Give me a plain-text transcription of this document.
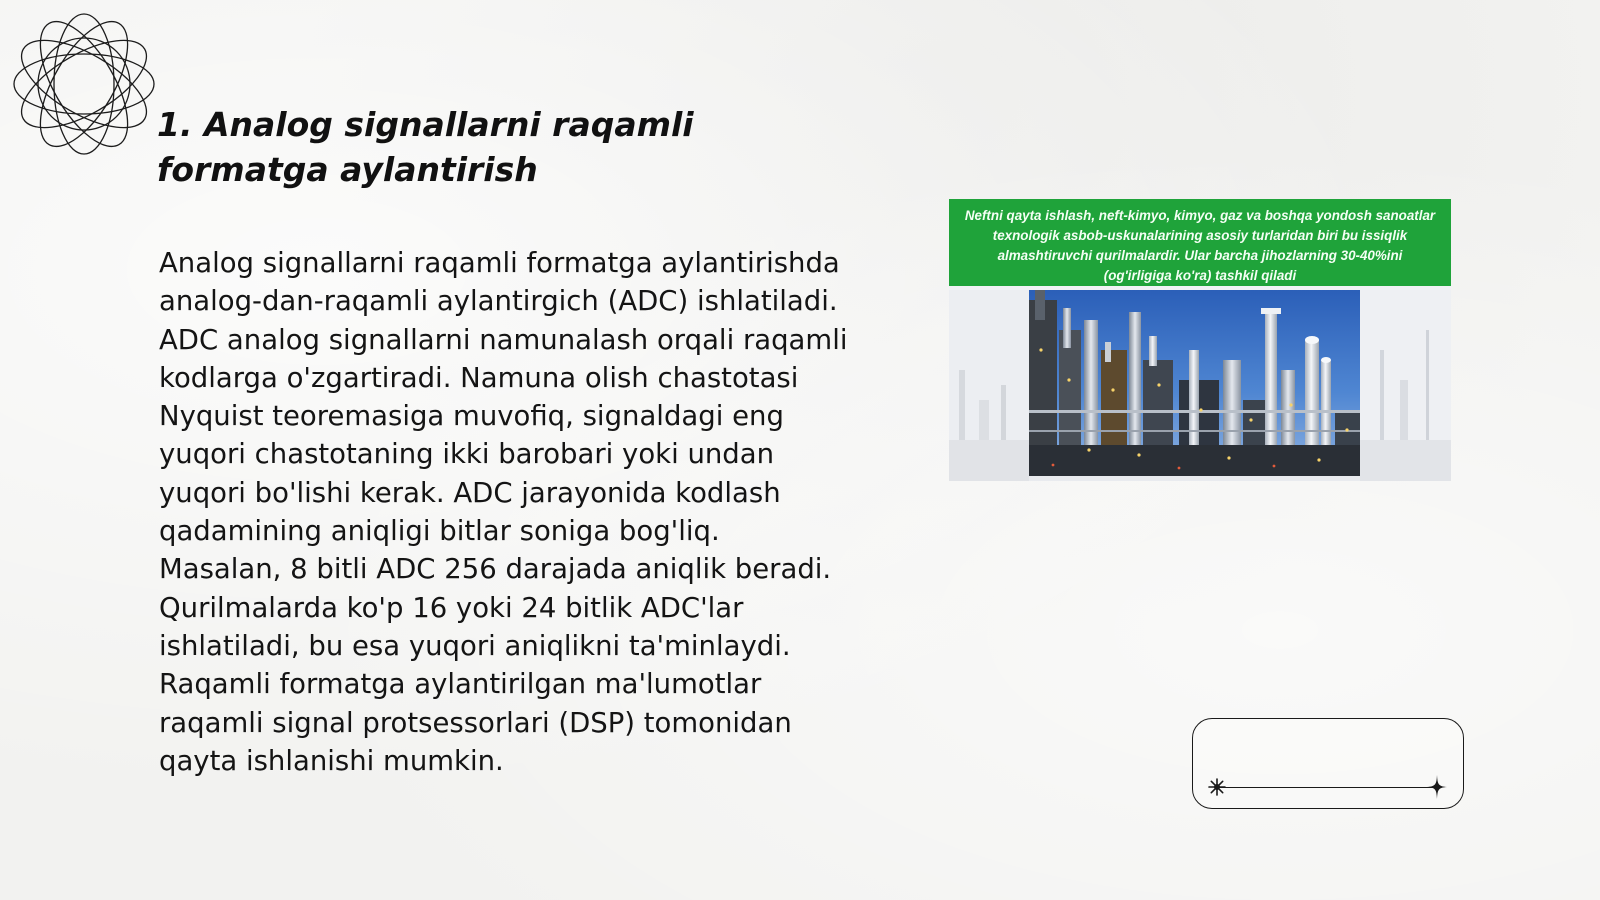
1. Analog signallarni raqamli formatga aylantirish

Analog signallarni raqamli formatga aylantirishda analog-dan-raqamli aylantirgich (ADC) ishlatiladi. ADC analog signallarni namunalash orqali raqamli kodlarga o'zgartiradi. Namuna olish chastotasi Nyquist teoremasiga muvofiq, signaldagi eng yuqori chastotaning ikki barobari yoki undan yuqori bo'lishi kerak. ADC jarayonida kodlash qadamining aniqligi bitlar soniga bog'liq. Masalan, 8 bitli ADC 256 darajada aniqlik beradi. Qurilmalarda ko'p 16 yoki 24 bitlik ADC'lar ishlatiladi, bu esa yuqori aniqlikni ta'minlaydi. Raqamli formatga aylantirilgan ma'lumotlar raqamli signal protsessorlari (DSP) tomonidan qayta ishlanishi mumkin.

Neftni qayta ishlash, neft-kimyo, kimyo, gaz va boshqa yondosh sanoatlar texnologik asbob-uskunalarining asosiy turlaridan biri bu issiqlik almashtiruvchi qurilmalardir. Ular barcha jihozlarning 30-40%ini (og'irligiga ko'ra) tashkil qiladi
